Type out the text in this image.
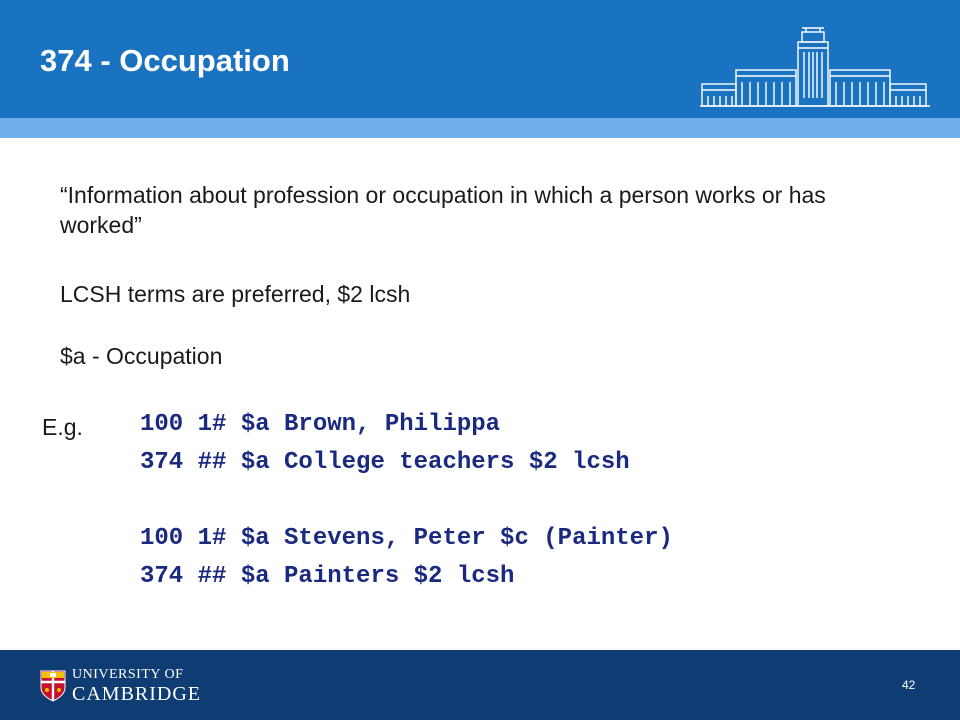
374 - Occupation

“Information about profession or occupation in which a person works or has worked”

LCSH terms are preferred, $2 lcsh

$a - Occupation

E.g. 100 1# $a Brown, Philippa
374 ## $a College teachers $2 lcsh
100 1# $a Stevens, Peter $c (Painter)
374 ## $a Painters $2 lcsh
UNIVERSITY OF
CAMBRIDGE	42
